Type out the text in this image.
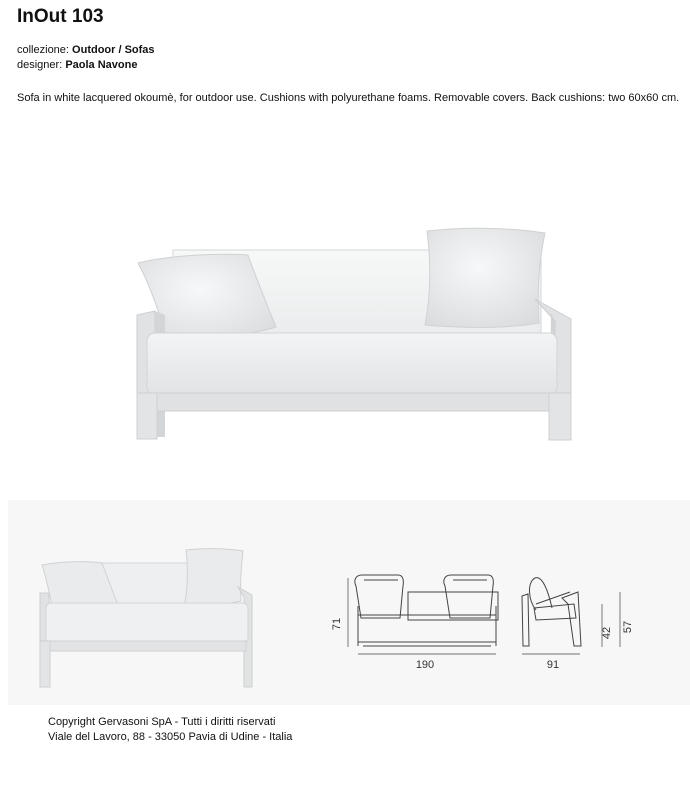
InOut 103
collezione: Outdoor / Sofas
designer: Paola Navone

Sofa in white lacquered okoumè, for outdoor use. Cushions with polyurethane foams. Removable covers. Back cushions: two 60x60 cm.

71
190	91
42 57
Copyright Gervasoni SpA - Tutti i diritti riservati
Viale del Lavoro, 88 - 33050 Pavia di Udine - Italia
